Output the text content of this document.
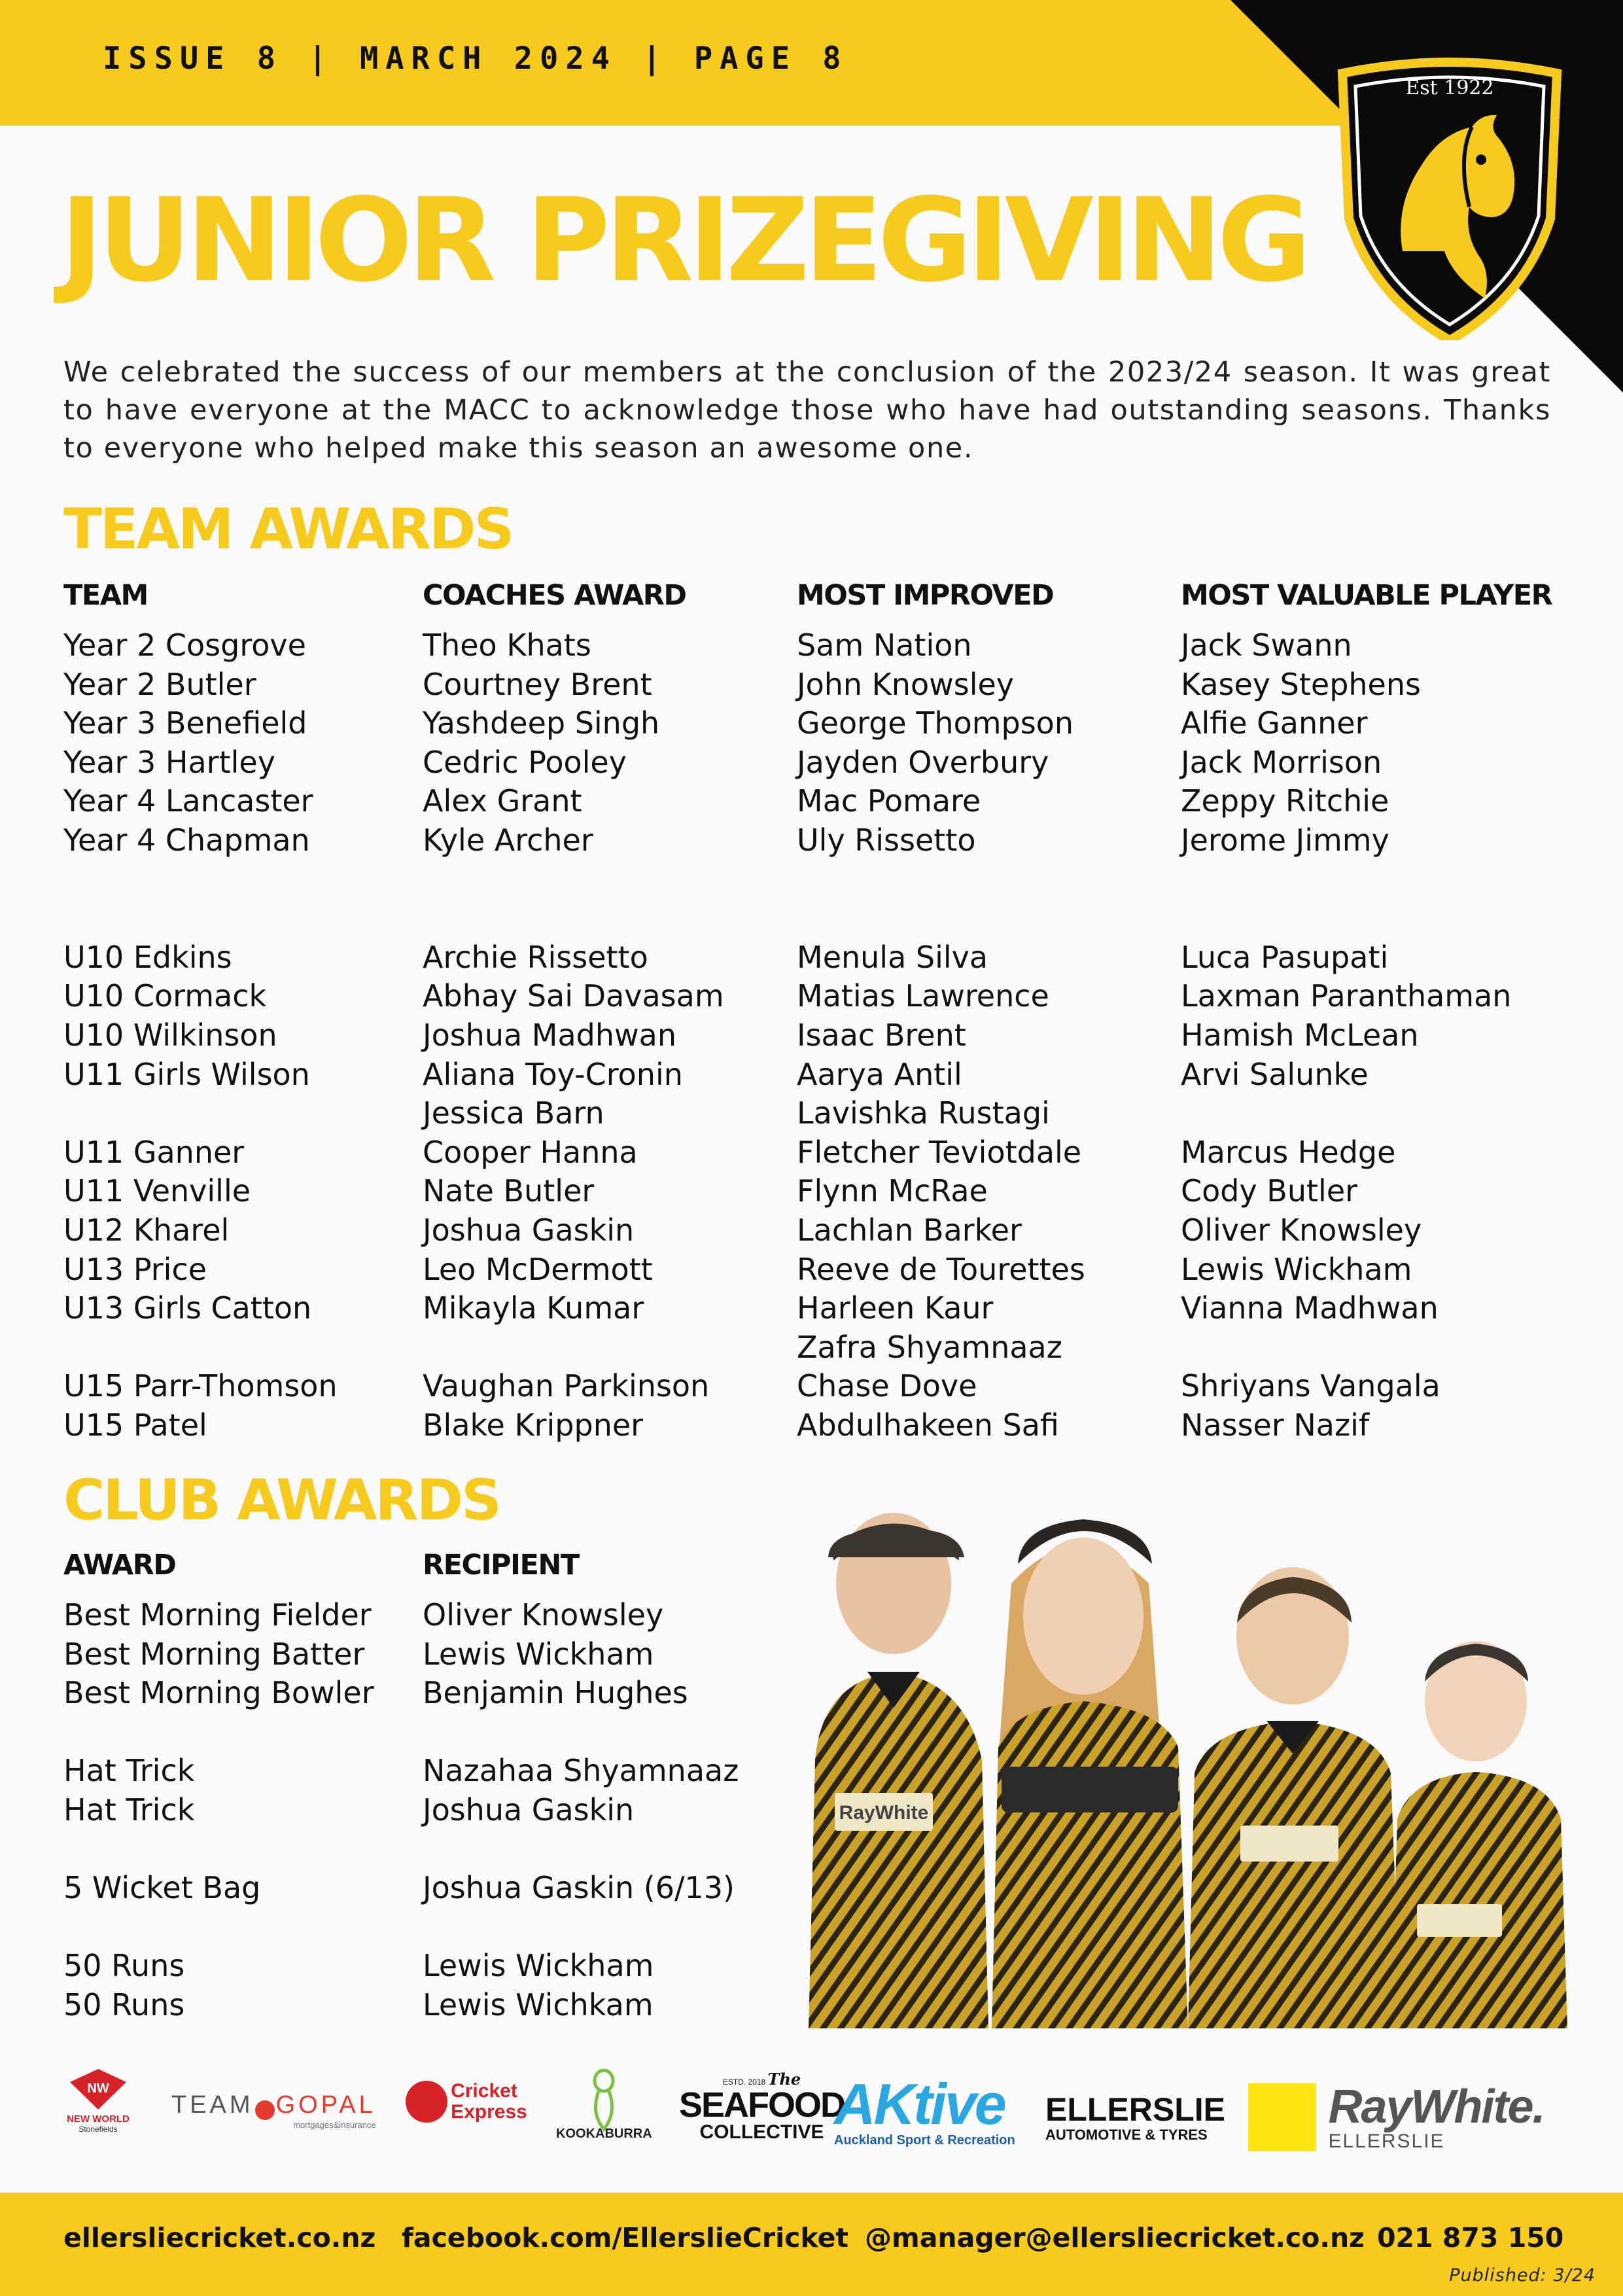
ISSUE 8 | MARCH 2024 | PAGE 8
Est 1922
JUNIOR PRIZEGIVING

We celebrated the success of our members at the conclusion of the 2023/24 season. It was great to have everyone at the MACC to acknowledge those who have had outstanding seasons. Thanks to everyone who helped make this season an awesome one.

TEAM AWARDS
TEAM
Year 2 Cosgrove
Year 2 Butler
Year 3 Benefield
Year 3 Hartley
Year 4 Lancaster
Year 4 Chapman
U10 Edkins
U10 Cormack
U10 Wilkinson
U11 Girls Wilson
U11 Ganner
U11 Venville
U12 Kharel
U13 Price
U13 Girls Catton
U15 Parr-Thomson
U15 Patel
COACHES AWARD
Theo Khats
Courtney Brent
Yashdeep Singh
Cedric Pooley
Alex Grant
Kyle Archer
Archie Rissetto
Abhay Sai Davasam
Joshua Madhwan
Aliana Toy-Cronin
Jessica Barn
Cooper Hanna
Nate Butler
Joshua Gaskin
Leo McDermott
Mikayla Kumar
Vaughan Parkinson
Blake Krippner
MOST IMPROVED
Sam Nation
John Knowsley
George Thompson
Jayden Overbury
Mac Pomare
Uly Rissetto
Menula Silva
Matias Lawrence
Isaac Brent
Aarya Antil
Lavishka Rustagi
Fletcher Teviotdale
Flynn McRae
Lachlan Barker
Reeve de Tourettes
Harleen Kaur
Zafra Shyamnaaz
Chase Dove
Abdulhakeen Safi
MOST VALUABLE PLAYER
Jack Swann
Kasey Stephens
Alfie Ganner
Jack Morrison
Zeppy Ritchie
Jerome Jimmy
Luca Pasupati
Laxman Paranthaman
Hamish McLean
Arvi Salunke
Marcus Hedge
Cody Butler
Oliver Knowsley
Lewis Wickham
Vianna Madhwan
Shriyans Vangala
Nasser Nazif
CLUB AWARDS
AWARD
Best Morning Fielder
Best Morning Batter
Best Morning Bowler
Hat Trick
Hat Trick
5 Wicket Bag
50 Runs
50 Runs
RECIPIENT
Oliver Knowsley
Lewis Wickham
Benjamin Hughes
Nazahaa Shyamnaaz
Joshua Gaskin
Joshua Gaskin (6/13)
Lewis Wickham
Lewis Wichkam
RayWhite
NW
NEW WORLD
Stonefields
TEAM GOPAL
mortgages&insurance
Cricket
Express
KOOKABURRA
ESTD. 2018 The
SEAFOOD
COLLECTIVE AKtive
Auckland Sport & Recreation
ELLERSLIE
AUTOMOTIVE & TYRES

RayWhite.
ELLERSLIE
ellersliecricket.co.nz facebook.com/EllerslieCricket @manager@ellersliecricket.co.nz 021 873 150
Published: 3/24
